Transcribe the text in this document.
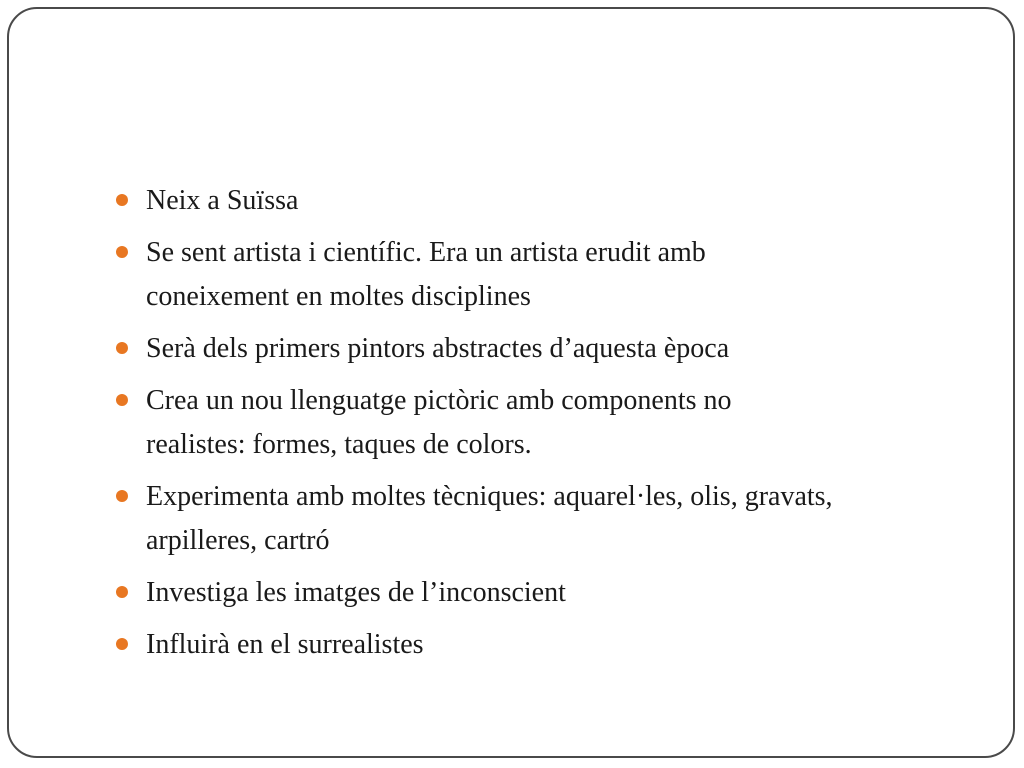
Neix a Suïssa
Se sent artista i científic. Era un artista erudit amb
coneixement en moltes disciplines
Serà dels primers pintors abstractes d’aquesta època
Crea un nou llenguatge pictòric amb components no
realistes: formes, taques de colors.
Experimenta amb moltes tècniques: aquarel·les, olis, gravats,
arpilleres, cartró
Investiga les imatges de l’inconscient
Influirà en el surrealistes
